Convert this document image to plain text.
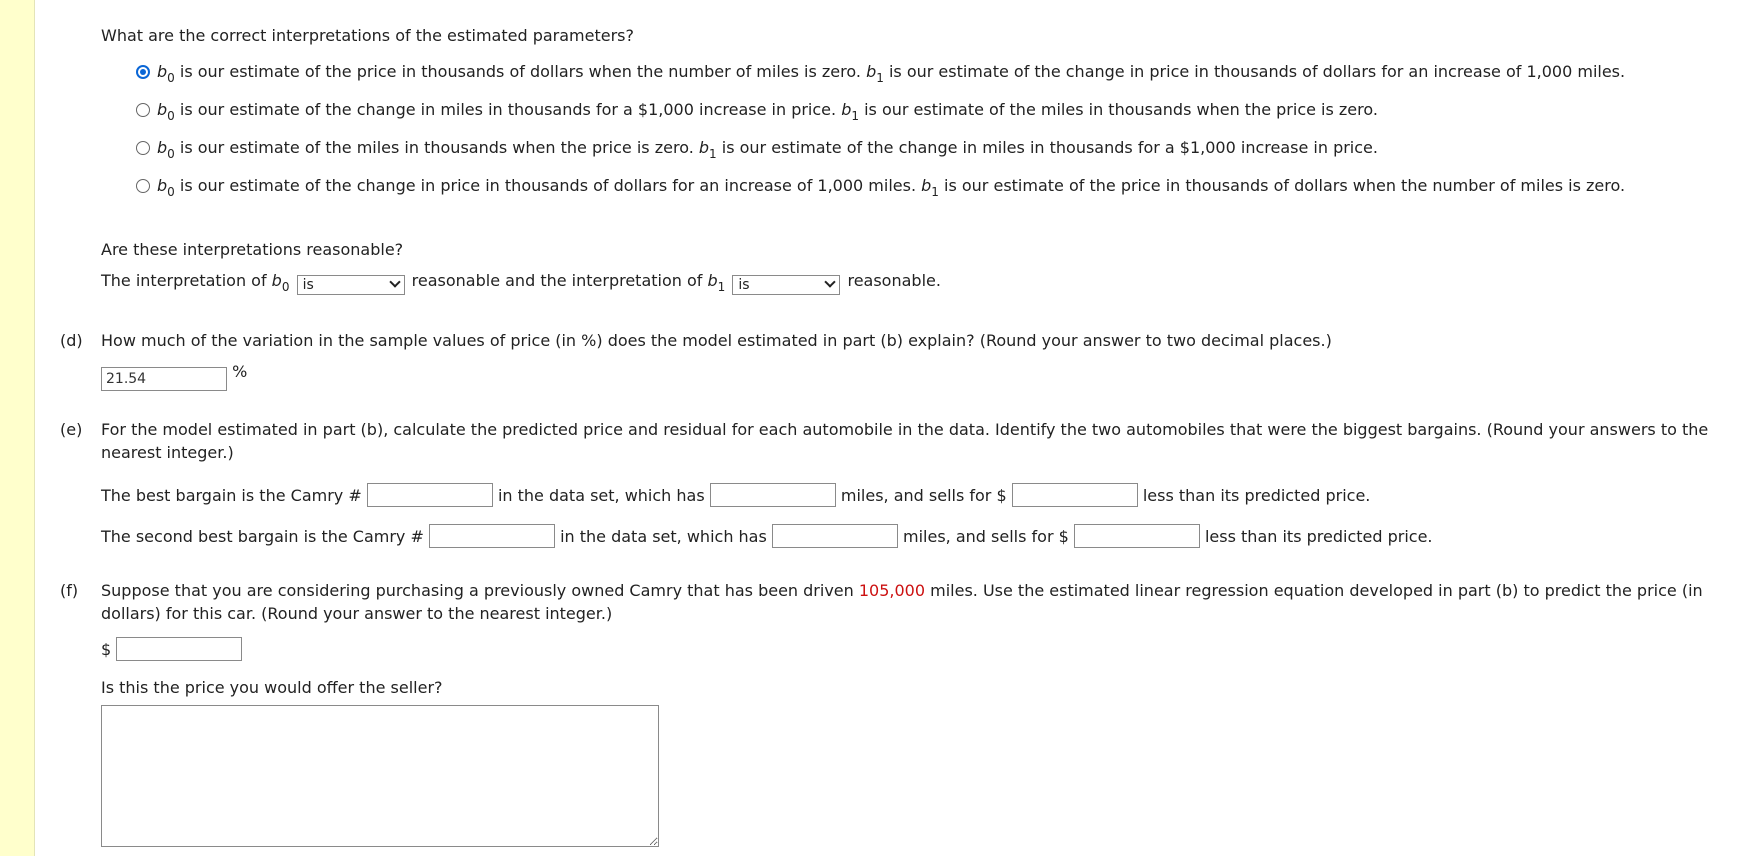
What are the correct interpretations of the estimated parameters?
$b_0$ is our estimate of the price in thousands of dollars when the number of miles is zero. $b_1$ is our estimate of the change in price in thousands of dollars for an increase of 1,000 miles.
$b_0$ is our estimate of the change in miles in thousands for a $1,000 increase in price. $b_1$ is our estimate of the miles in thousands when the price is zero.
$b_0$ is our estimate of the miles in thousands when the price is zero. $b_1$ is our estimate of the change in miles in thousands for a $1,000 increase in price.
$b_0$ is our estimate of the change in price in thousands of dollars for an increase of 1,000 miles. $b_1$ is our estimate of the price in thousands of dollars when the number of miles is zero.
Are these interpretations reasonable?
The interpretation of $b_0$ is	reasonable and the interpretation of $b_1$ is	reasonable.
(d) How much of the variation in the sample values of price (in %) does the model estimated in part (b) explain? (Round your answer to two decimal places.)
21.54	%
(e) For the model estimated in part (b), calculate the predicted price and residual for each automobile in the data. Identify the two automobiles that were the biggest bargains. (Round your answers to the
nearest integer.)
The best bargain is the Camry #	in the data set, which has	miles, and sells for $	less than its predicted price.
The second best bargain is the Camry #	in the data set, which has	miles, and sells for $	less than its predicted price.
(f) Suppose that you are considering purchasing a previously owned Camry that has been driven 105,000 miles. Use the estimated linear regression equation developed in part (b) to predict the price (in
dollars) for this car. (Round your answer to the nearest integer.)
$
Is this the price you would offer the seller?
